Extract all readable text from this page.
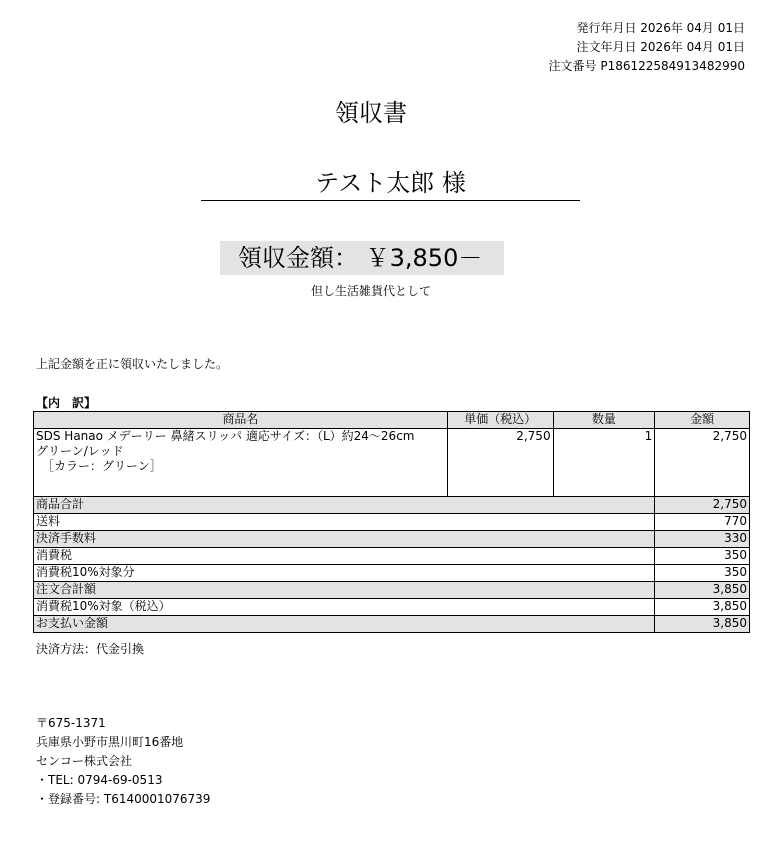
発行年月日 2026年 04月 01日
注文年月日 2026年 04月 01日
注文番号 P186122584913482990
領収書
テスト太郎 様
領収金額： ￥3,850－
但し生活雑貨代として
上記金額を正に領収いたしました。
【内　訳】
商品名	単価（税込）	数量	金額

SDS Hanao メデーリー 鼻緒スリッパ 適応サイズ：（L）約24～26cm
グリーン/レッド
　［カラー：グリーン］	2,750	1	2,750
商品合計			2,750
送料			770
決済手数料			330
消費税			350
消費税10%対象分			350
注文合計額			3,850
消費税10%対象（税込）			3,850
お支払い金額			3,850
決済方法：代金引換
〒675-1371
兵庫県小野市黒川町16番地
センコー株式会社
・TEL: 0794-69-0513
・登録番号: T6140001076739
